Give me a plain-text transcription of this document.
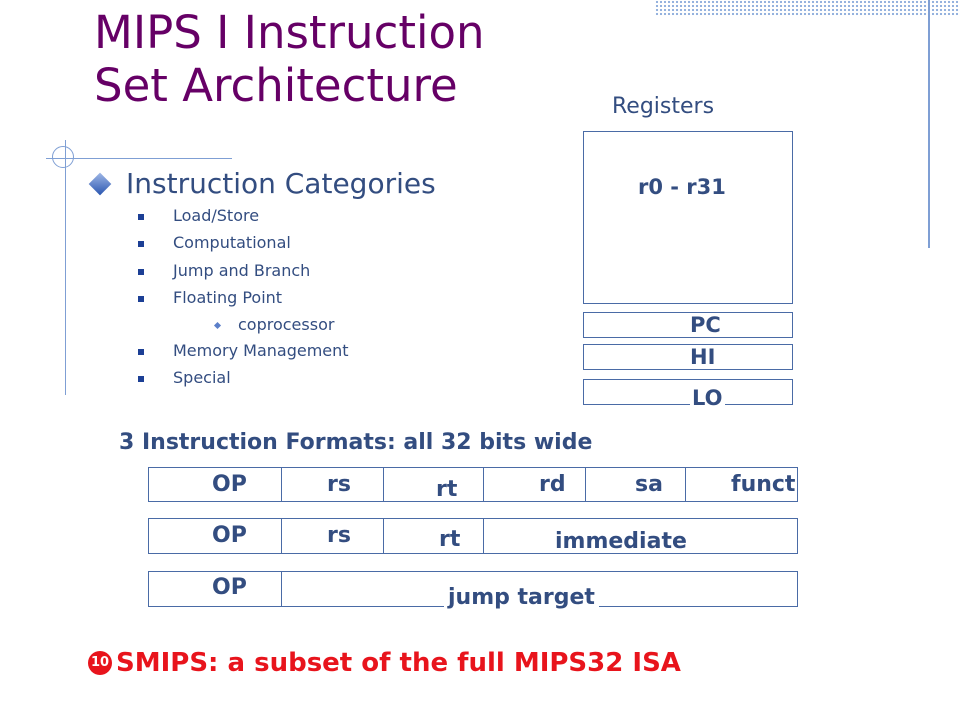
MIPS I Instruction
Set Architecture	Registers
r0 - r31
PC
HI
LO
Instruction Categories
Load/Store
Computational
Jump and Branch
Floating Point
coprocessor
Memory Management
Special
3 Instruction Formats: all 32 bits wide
OP	rs	rt	rd	sa	funct
OP	rs	rt	immediate
OP	jump target
10 SMIPS: a subset of the full MIPS32 ISA
